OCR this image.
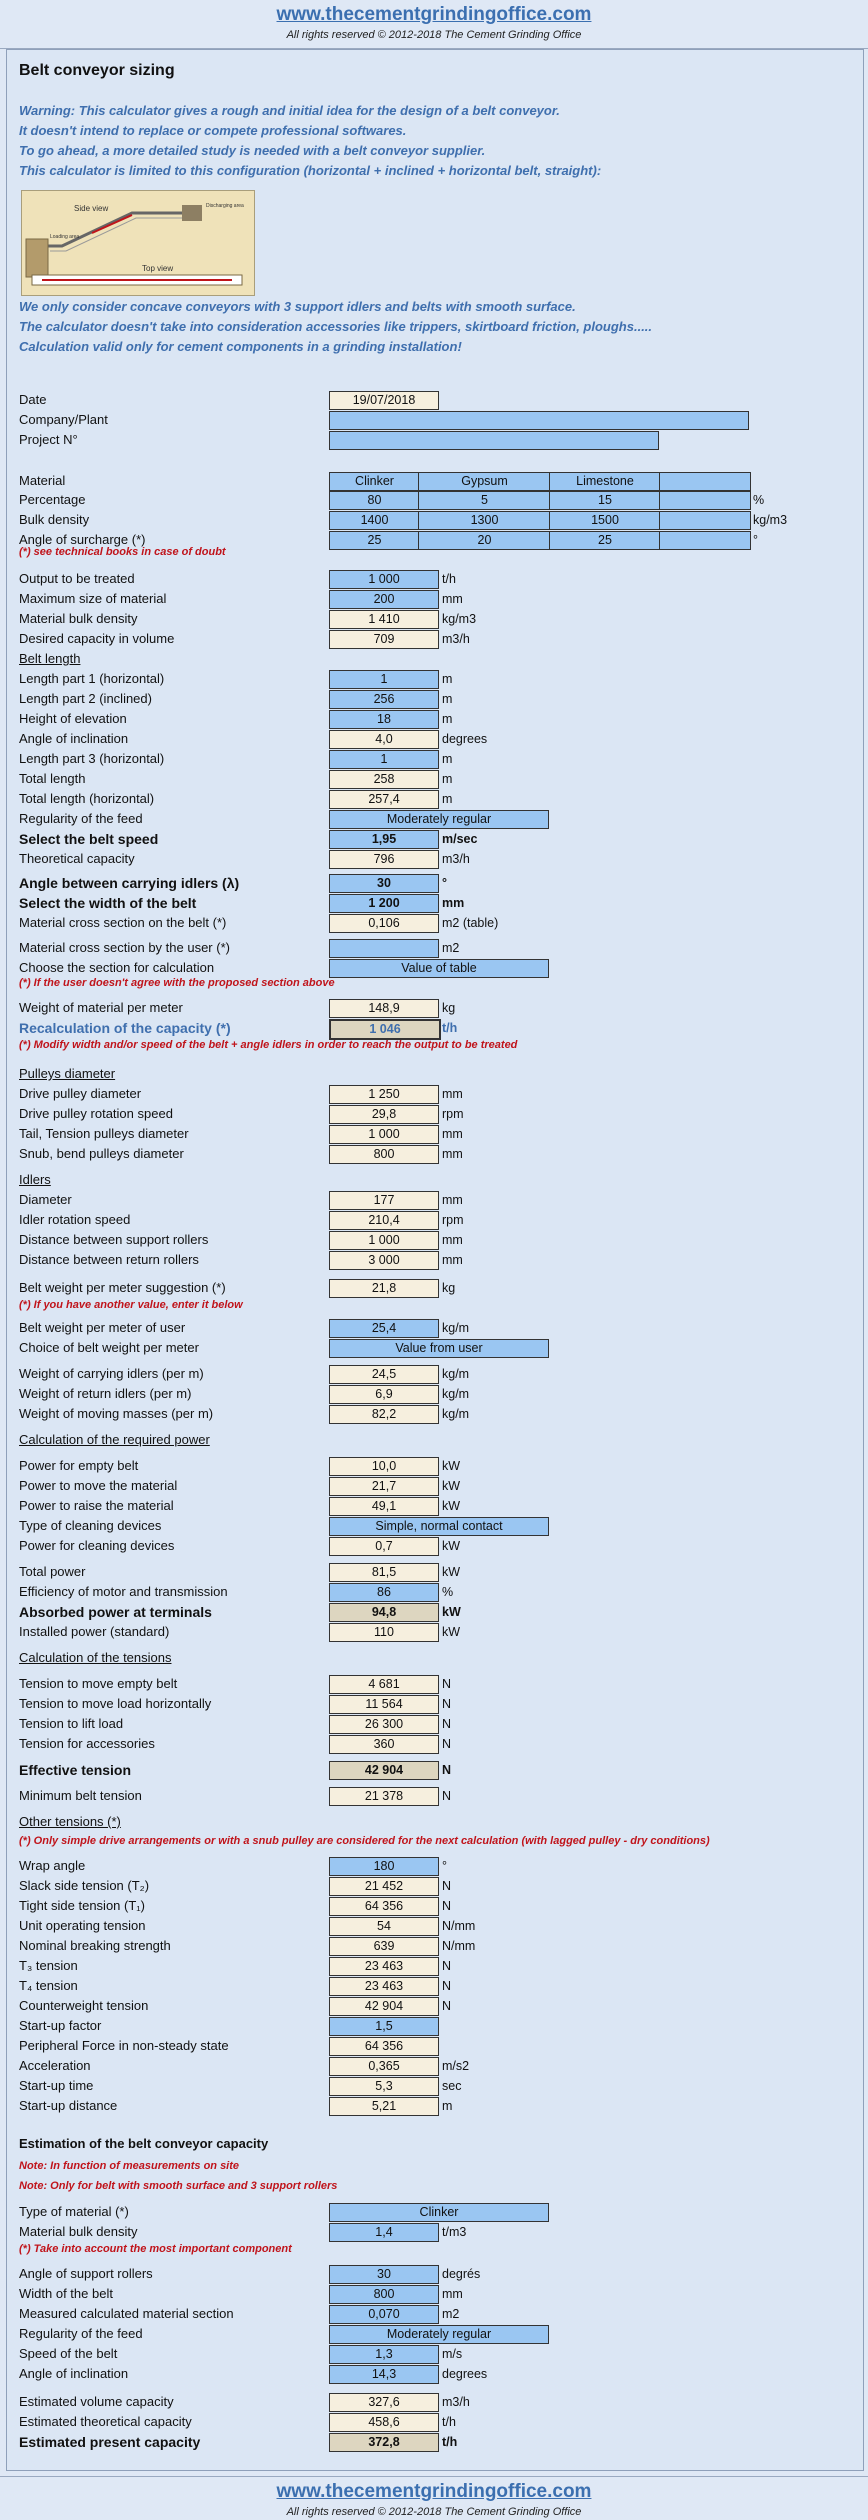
www.thecementgrindingoffice.com
All rights reserved © 2012-2018 The Cement Grinding Office
Belt conveyor sizing
Warning: This calculator gives a rough and initial idea for the design of a belt conveyor.
It doesn't intend to replace or compete professional softwares.
To go ahead, a more detailed study is needed with a belt conveyor supplier.
This calculator is limited to this configuration (horizontal + inclined + horizontal belt, straight):
Side view
Loading area
Discharging area
Top view
We only consider concave conveyors with 3 support idlers and belts with smooth surface.
The calculator doesn't take into consideration accessories like trippers, skirtboard friction, ploughs.....
Calculation valid only for cement components in a grinding installation!
Date	19/07/2018
Company/Plant
Project N°
Material	Clinker	Gypsum	Limestone
Percentage	80	5	15	%
Bulk density	1400	1300	1500	kg/m3
Angle of surcharge (*)	25	20	25	°
(*) see technical books in case of doubt
Output to be treated	1 000	t/h
Maximum size of material	200	mm
Material bulk density	1 410	kg/m3
Desired capacity in volume	709	m3/h
Belt length
Length part 1 (horizontal)	1	m
Length part 2 (inclined)	256	m
Height of elevation	18	m
Angle of inclination	4,0	degrees
Length part 3 (horizontal)	1	m
Total length	258	m
Total length (horizontal)	257,4	m
Regularity of the feed	Moderately regular
Select the belt speed	1,95	m/sec
Theoretical capacity	796	m3/h
Angle between carrying idlers (λ)	30	°
Select the width of the belt	1 200	mm
Material cross section on the belt (*)	0,106	m2 (table)
Material cross section by the user (*)	m2
Choose the section for calculation	Value of table
(*) If the user doesn't agree with the proposed section above
Weight of material per meter	148,9	kg
Recalculation of the capacity (*)	1 046	t/h
(*) Modify width and/or speed of the belt + angle idlers in order to reach the output to be treated
Pulleys diameter
Drive pulley diameter	1 250	mm
Drive pulley rotation speed	29,8	rpm
Tail, Tension pulleys diameter	1 000	mm
Snub, bend pulleys diameter	800	mm
Idlers
Diameter	177	mm
Idler rotation speed	210,4	rpm
Distance between support rollers	1 000	mm
Distance between return rollers	3 000	mm
Belt weight per meter suggestion (*)	21,8	kg
(*) If you have another value, enter it below
Belt weight per meter of user	25,4	kg/m
Choice of belt weight per meter	Value from user
Weight of carrying idlers (per m)	24,5	kg/m
Weight of return idlers (per m)	6,9	kg/m
Weight of moving masses (per m)	82,2	kg/m
Calculation of the required power
Power for empty belt	10,0	kW
Power to move the material	21,7	kW
Power to raise the material	49,1	kW
Type of cleaning devices	Simple, normal contact
Power for cleaning devices	0,7	kW
Total power	81,5	kW
Efficiency of motor and transmission	86	%
Absorbed power at terminals	94,8	kW
Installed power (standard)	110	kW
Calculation of the tensions
Tension to move empty belt	4 681	N
Tension to move load horizontally	11 564	N
Tension to lift load	26 300	N
Tension for accessories	360	N
Effective tension	42 904	N
Minimum belt tension	21 378	N
Other tensions (*)
(*) Only simple drive arrangements or with a snub pulley are considered for the next calculation (with lagged pulley - dry conditions)
Wrap angle	180	°
Slack side tension (T₂)	21 452	N
Tight side tension (T₁)	64 356	N
Unit operating tension	54	N/mm
Nominal breaking strength	639	N/mm
T₃ tension	23 463	N
T₄ tension	23 463	N
Counterweight tension	42 904	N
Start-up factor	1,5
Peripheral Force in non-steady state	64 356
Acceleration	0,365	m/s2
Start-up time	5,3	sec
Start-up distance	5,21	m
Estimation of the belt conveyor capacity
Note: In function of measurements on site
Note: Only for belt with smooth surface and 3 support rollers
Type of material (*)	Clinker
Material bulk density	1,4	t/m3
(*) Take into account the most important component
Angle of support rollers	30	degrés
Width of the belt	800	mm
Measured calculated material section	0,070	m2
Regularity of the feed	Moderately regular
Speed of the belt	1,3	m/s
Angle of inclination	14,3	degrees
Estimated volume capacity	327,6	m3/h
Estimated theoretical capacity	458,6	t/h
Estimated present capacity	372,8	t/h
www.thecementgrindingoffice.com
All rights reserved © 2012-2018 The Cement Grinding Office
